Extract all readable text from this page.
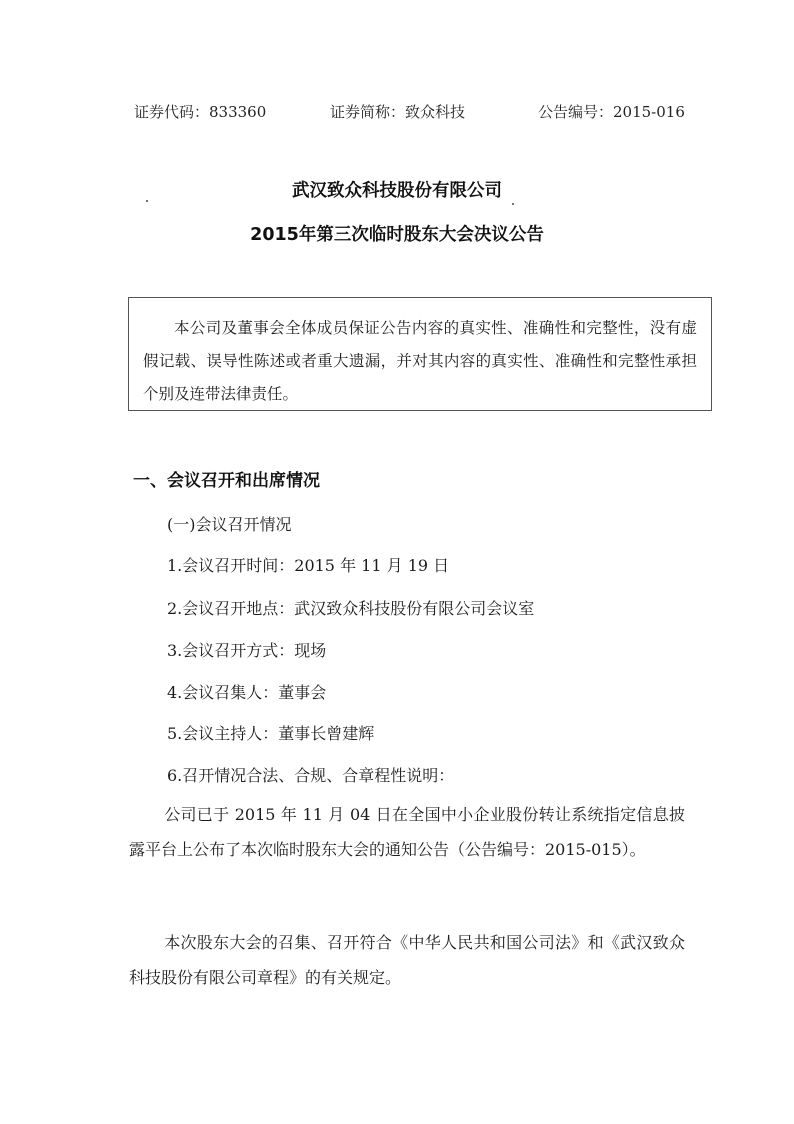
证券代码：833360	证券简称：致众科技	公告编号：2015-016
武汉致众科技股份有限公司
2015年第三次临时股东大会决议公告

本公司及董事会全体成员保证公告内容的真实性、准确性和完整性，没有虚假记载、误导性陈述或者重大遗漏，并对其内容的真实性、准确性和完整性承担个别及连带法律责任。

一、会议召开和出席情况
(一)会议召开情况
1.会议召开时间：2015 年 11 月 19 日
2.会议召开地点：武汉致众科技股份有限公司会议室
3.会议召开方式：现场
4.会议召集人：董事会
5.会议主持人：董事长曾建辉
6.召开情况合法、合规、合章程性说明：

公司已于 2015 年 11 月 04 日在全国中小企业股份转让系统指定信息披露平台上公布了本次临时股东大会的通知公告（公告编号：2015-015）。

本次股东大会的召集、召开符合《中华人民共和国公司法》和《武汉致众科技股份有限公司章程》的有关规定。
